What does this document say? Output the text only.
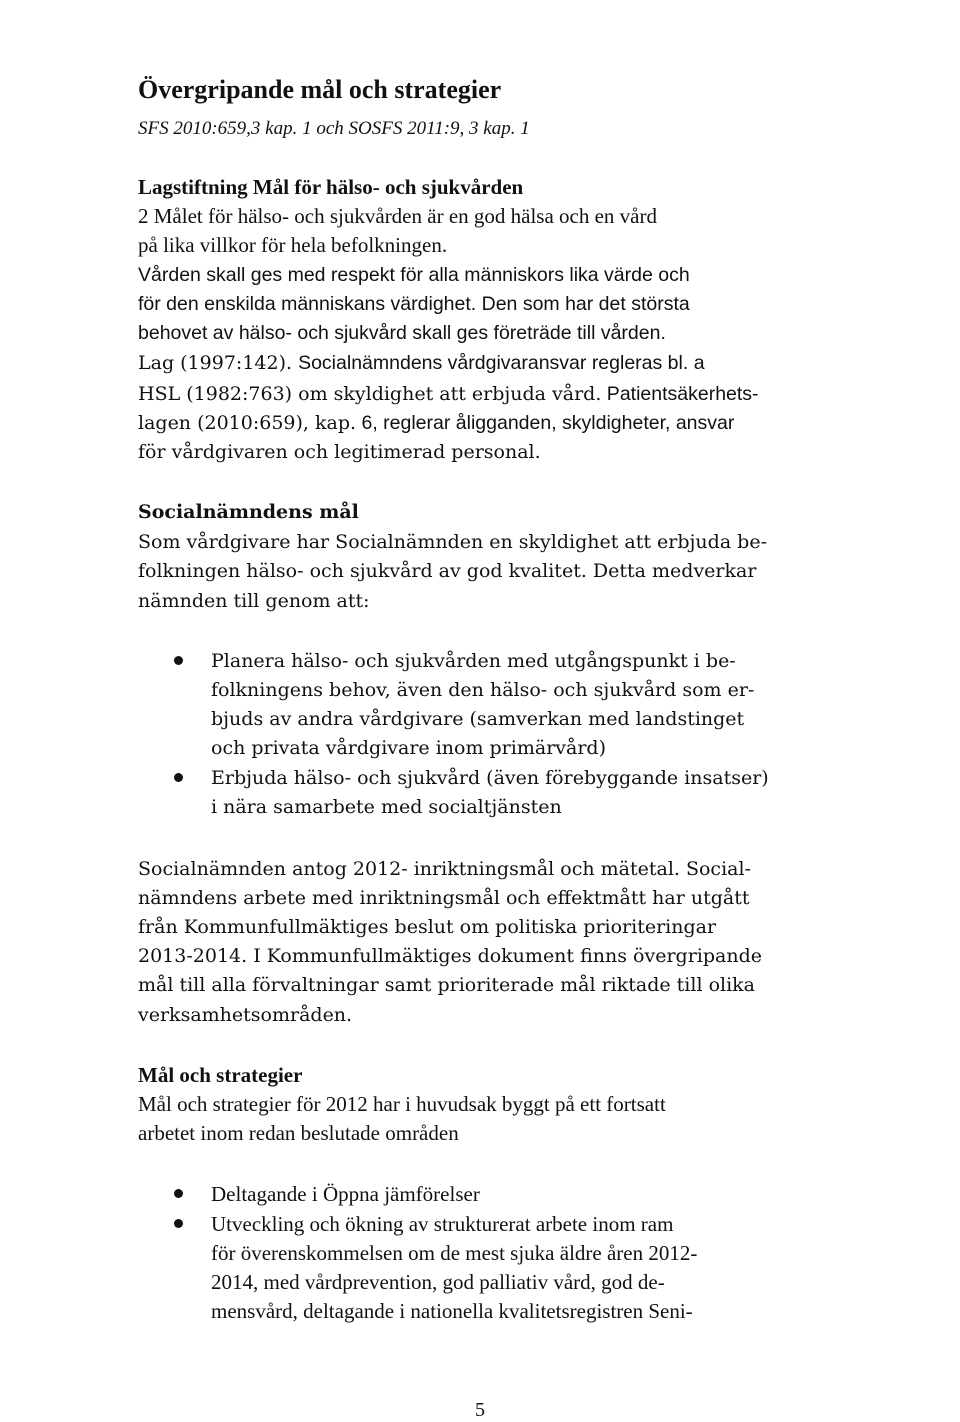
Övergripande mål och strategier
SFS 2010:659,3 kap. 1 och SOSFS 2011:9, 3 kap. 1
Lagstiftning Mål för hälso- och sjukvården
2 Målet för hälso- och sjukvården är en god hälsa och en vård
på lika villkor för hela befolkningen.
Vården skall ges med respekt för alla människors lika värde och
för den enskilda människans värdighet. Den som har det största
behovet av hälso- och sjukvård skall ges företräde till vården.
Lag (1997:142). Socialnämndens vårdgivaransvar regleras bl. a
HSL (1982:763) om skyldighet att erbjuda vård. Patientsäkerhets-
lagen (2010:659), kap. 6, reglerar åligganden, skyldigheter, ansvar
för vårdgivaren och legitimerad personal.
Socialnämndens mål
Som vårdgivare har Socialnämnden en skyldighet att erbjuda be-
folkningen hälso- och sjukvård av god kvalitet. Detta medverkar
nämnden till genom att:
Planera hälso- och sjukvården med utgångspunkt i be-
folkningens behov, även den hälso- och sjukvård som er-
bjuds av andra vårdgivare (samverkan med landstinget
och privata vårdgivare inom primärvård)
Erbjuda hälso- och sjukvård (även förebyggande insatser)
i nära samarbete med socialtjänsten
Socialnämnden antog 2012- inriktningsmål och mätetal. Social-
nämndens arbete med inriktningsmål och effektmått har utgått
från Kommunfullmäktiges beslut om politiska prioriteringar
2013-2014. I Kommunfullmäktiges dokument finns övergripande
mål till alla förvaltningar samt prioriterade mål riktade till olika
verksamhetsområden.
Mål och strategier
Mål och strategier för 2012 har i huvudsak byggt på ett fortsatt
arbetet inom redan beslutade områden
Deltagande i Öppna jämförelser
Utveckling och ökning av strukturerat arbete inom ram
för överenskommelsen om de mest sjuka äldre åren 2012-
2014, med vårdprevention, god palliativ vård, god de-
mensvård, deltagande i nationella kvalitetsregistren Seni-
5
